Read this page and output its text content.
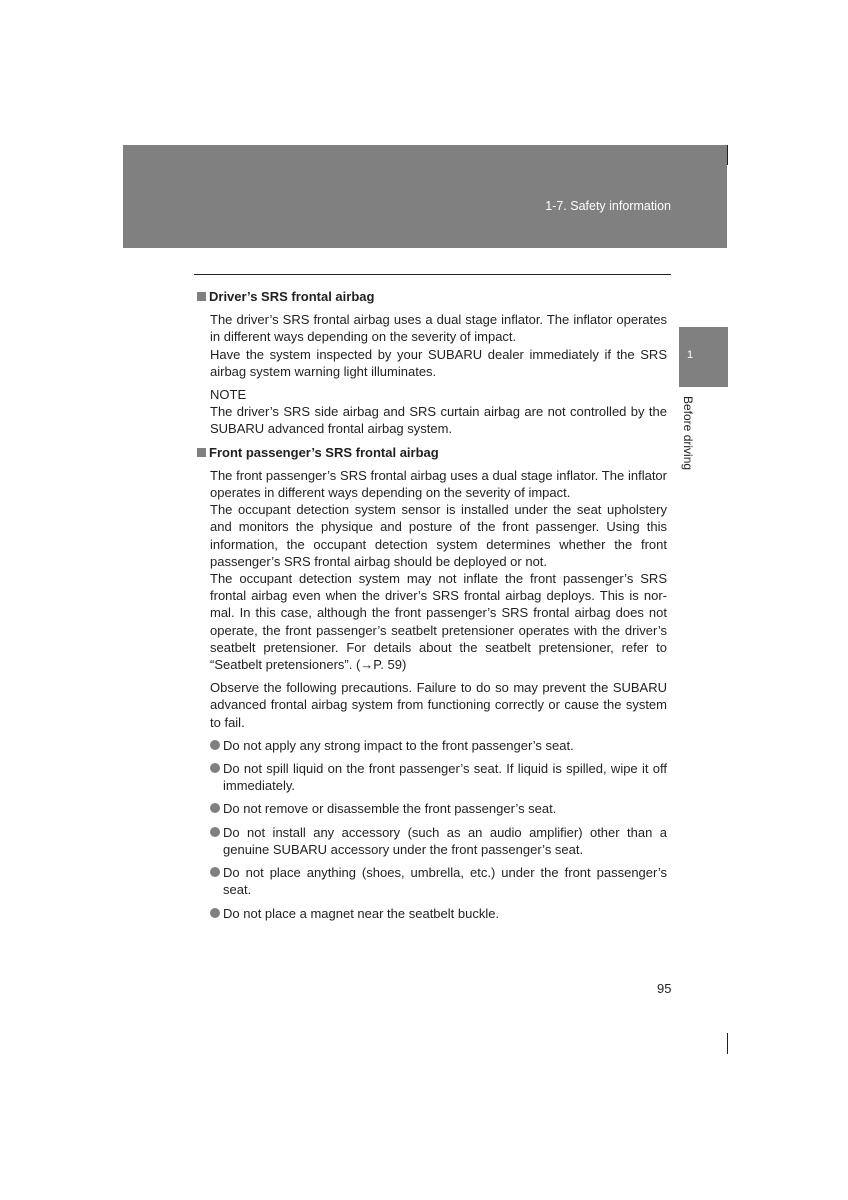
1-7. Safety information
1
Before driving
Driver’s SRS frontal airbag

The driver’s SRS frontal airbag uses a dual stage inflator. The inflator operates in different ways depending on the severity of impact.

Have the system inspected by your SUBARU dealer immediately if the SRS airbag system warning light illuminates.

NOTE

The driver’s SRS side airbag and SRS curtain airbag are not controlled by the SUBARU advanced frontal airbag system.

Front passenger’s SRS frontal airbag

The front passenger’s SRS frontal airbag uses a dual stage inflator. The inflator operates in different ways depending on the severity of impact.

The occupant detection system sensor is installed under the seat upholstery and monitors the physique and posture of the front passenger. Using this information, the occupant detection system determines whether the front passenger’s SRS frontal airbag should be deployed or not.

The occupant detection system may not inflate the front passenger’s SRS frontal airbag even when the driver’s SRS frontal airbag deploys. This is normal. In this case, although the front passenger’s SRS frontal airbag does not operate, the front passenger’s seatbelt pretensioner operates with the driver’s seatbelt pretensioner. For details about the seatbelt pretensioner, refer to “Seatbelt pretensioners”. (→P. 59)

Observe the following precautions. Failure to do so may prevent the SUBARU advanced frontal airbag system from functioning correctly or cause the system to fail.

Do not apply any strong impact to the front passenger’s seat.
Do not spill liquid on the front passenger’s seat. If liquid is spilled, wipe it off immediately.
Do not remove or disassemble the front passenger’s seat.
Do not install any accessory (such as an audio amplifier) other than a genuine SUBARU accessory under the front passenger’s seat.
Do not place anything (shoes, umbrella, etc.) under the front passenger’s seat.
Do not place a magnet near the seatbelt buckle.
95
